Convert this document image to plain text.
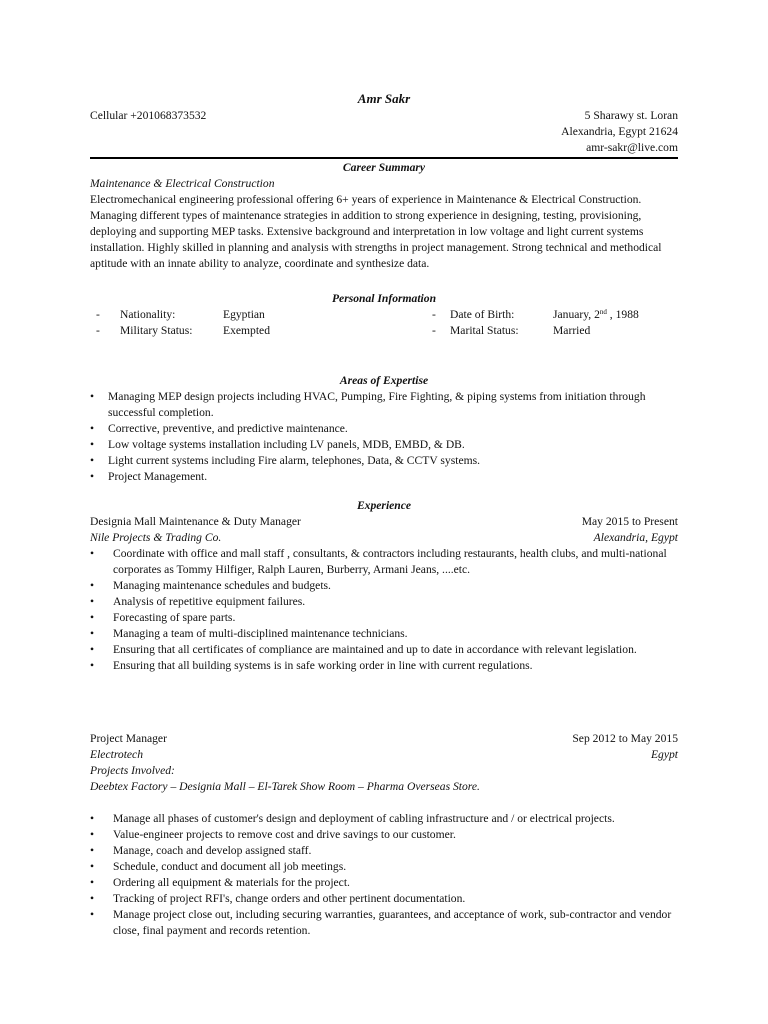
Amr Sakr
Cellular +201068373532	5 Sharawy st. Loran
Alexandria, Egypt 21624
amr-sakr@live.com
Career Summary
Maintenance & Electrical Construction
Electromechanical engineering professional offering 6+ years of experience in Maintenance & Electrical Construction. Managing different types of maintenance strategies in addition to strong experience in designing, testing, provisioning, deploying and supporting MEP tasks. Extensive background and interpretation in low voltage and light current systems installation. Highly skilled in planning and analysis with strengths in project management. Strong technical and methodical aptitude with an innate ability to analyze, coordinate and synthesize data.
Personal Information
-	Nationality:	Egyptian	-	Date of Birth:	January, 2nd , 1988
-	Military Status:	Exempted	-	Marital Status:	Married
Areas of Expertise
• Managing MEP design projects including HVAC, Pumping, Fire Fighting, & piping systems from initiation through successful completion.
• Corrective, preventive, and predictive maintenance.
• Low voltage systems installation including LV panels, MDB, EMBD, & DB.
• Light current systems including Fire alarm, telephones, Data, & CCTV systems.
• Project Management.
Experience
Designia Mall Maintenance & Duty Manager	May 2015 to Present
Nile Projects & Trading Co.	Alexandria, Egypt
• Coordinate with office and mall staff , consultants, & contractors including restaurants, health clubs, and multi-national corporates as Tommy Hilfiger, Ralph Lauren, Burberry, Armani Jeans, ....etc.
• Managing maintenance schedules and budgets.
• Analysis of repetitive equipment failures.
• Forecasting of spare parts.
• Managing a team of multi-disciplined maintenance technicians.
• Ensuring that all certificates of compliance are maintained and up to date in accordance with relevant legislation.
• Ensuring that all building systems is in safe working order in line with current regulations.
Project Manager	Sep 2012 to May 2015
Electrotech	Egypt
Projects Involved:
Deebtex Factory – Designia Mall – El-Tarek Show Room – Pharma Overseas Store.
• Manage all phases of customer's design and deployment of cabling infrastructure and / or electrical projects.
• Value-engineer projects to remove cost and drive savings to our customer.
• Manage, coach and develop assigned staff.
• Schedule, conduct and document all job meetings.
• Ordering all equipment & materials for the project.
• Tracking of project RFI's, change orders and other pertinent documentation.
• Manage project close out, including securing warranties, guarantees, and acceptance of work, sub-contractor and vendor close, final payment and records retention.
